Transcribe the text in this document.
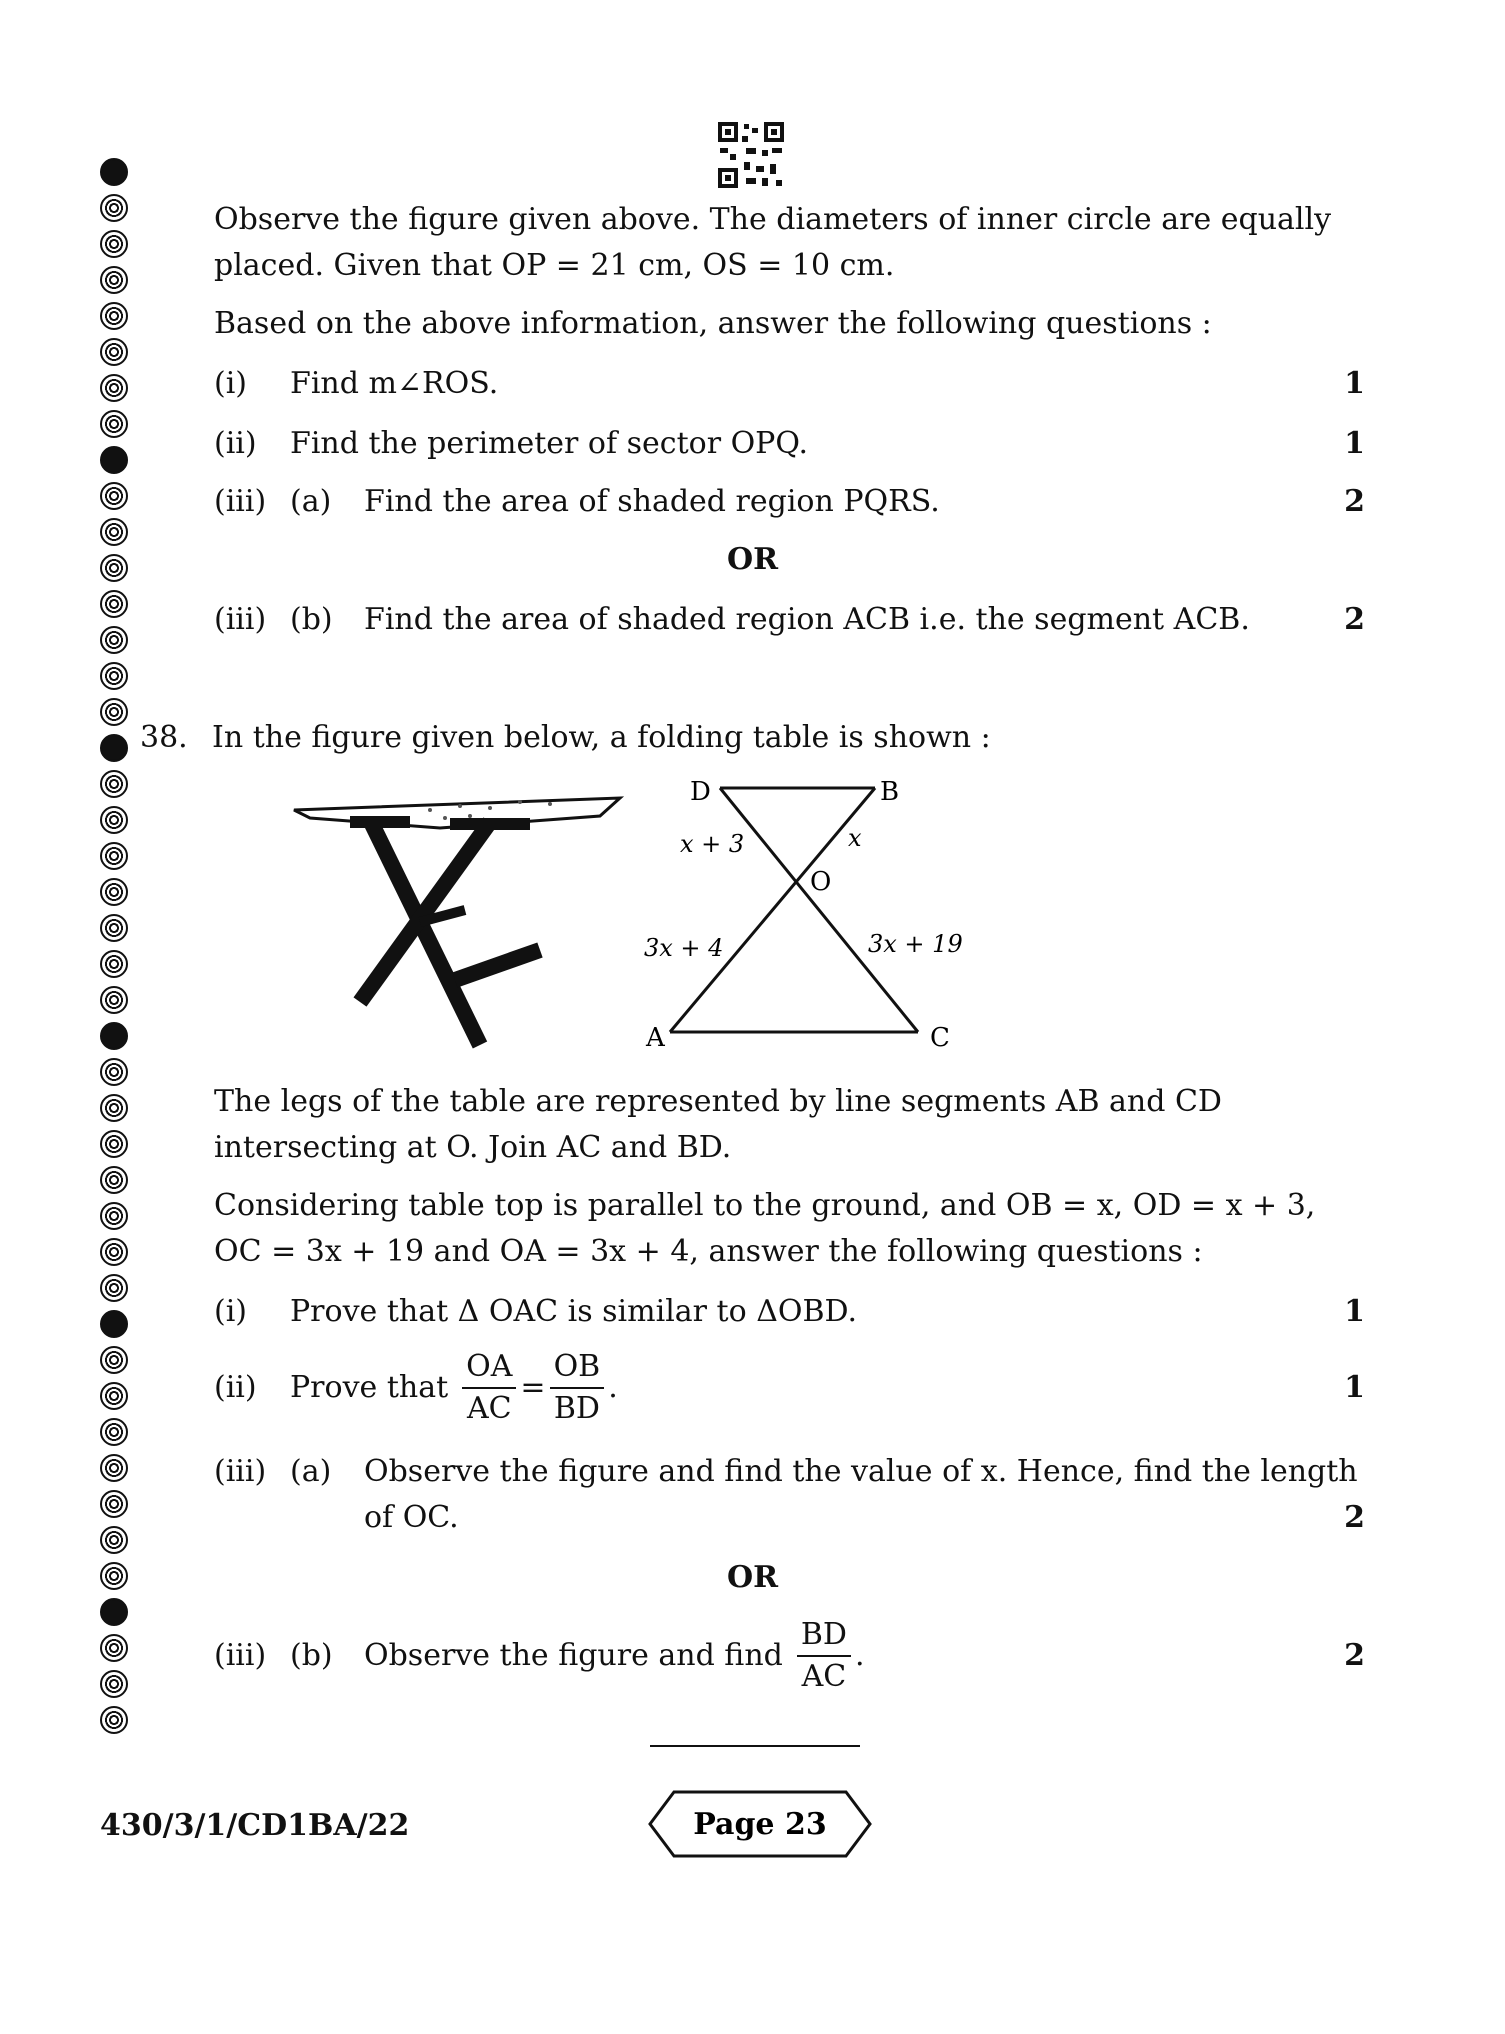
Observe the figure given above. The diameters of inner circle are equally
placed. Given that OP = 21 cm, OS = 10 cm.
Based on the above information, answer the following questions :
(i) Find m∠ROS.	1
(ii) Find the perimeter of sector OPQ.	1
(iii) (a) Find the area of shaded region PQRS.	2
OR
(iii) (b) Find the area of shaded region ACB i.e. the segment ACB.	2
38. In the figure given below, a folding table is shown :
D	B
O
A	C
x + 3	x
3x + 4	3x + 19
The legs of the table are represented by line segments AB and CD
intersecting at O. Join AC and BD.
Considering table top is parallel to the ground, and OB = x, OD = x + 3,
OC = 3x + 19 and OA = 3x + 4, answer the following questions :
(i) Prove that Δ OAC is similar to ΔOBD.	1
(ii) Prove that $\frac{OA}{AC} = \frac{OB}{BD}$ .	1
(iii) (a) Observe the figure and find the value of x. Hence, find the length
of OC.	2
OR
(iii) (b) Observe the figure and find $\frac{BD}{AC}$ .	2
430/3/1/CD1BA/22	Page 23
